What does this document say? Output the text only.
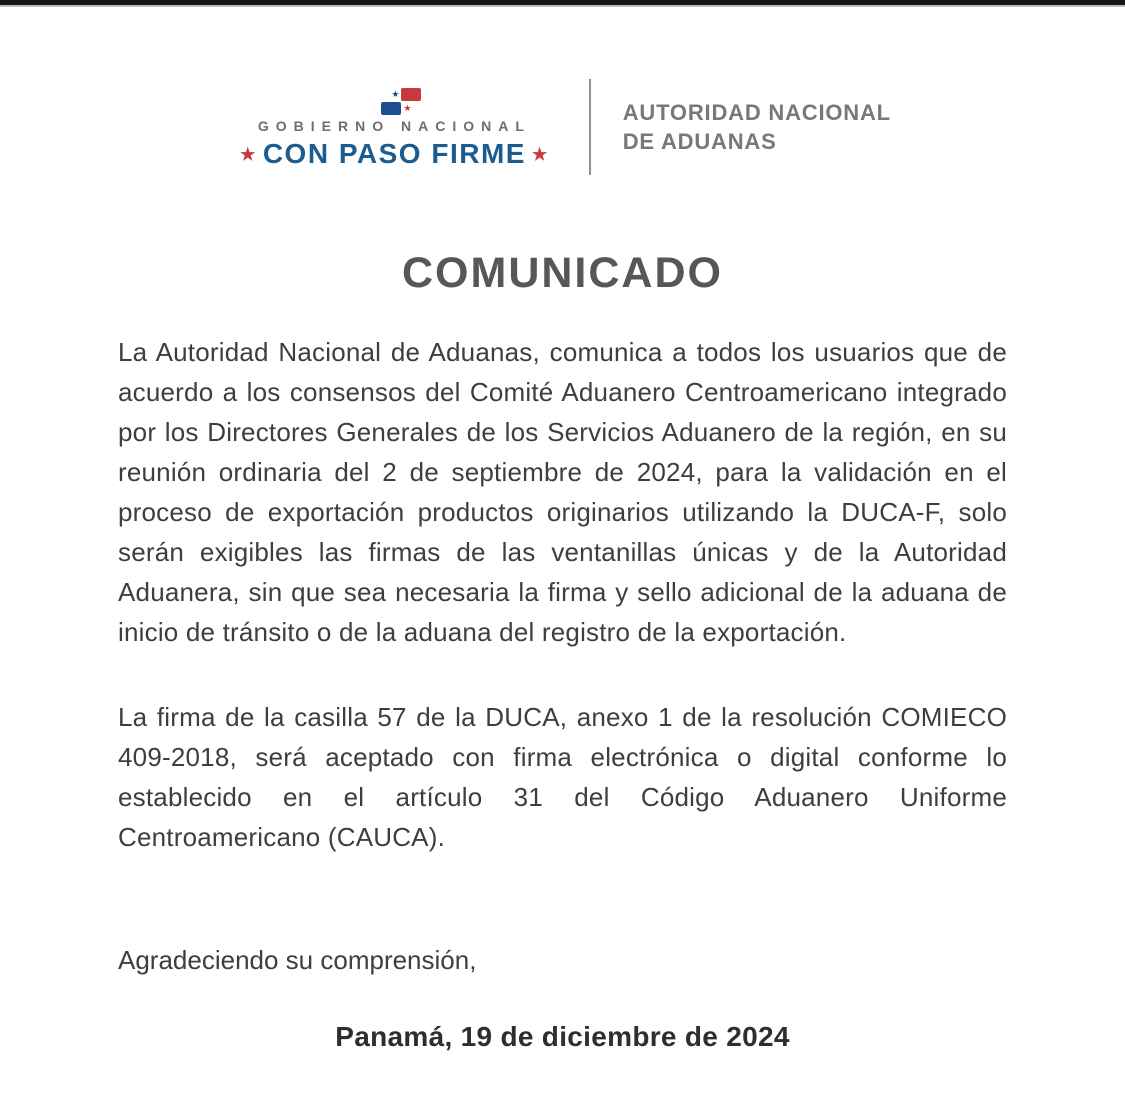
★
★
GOBIERNO NACIONAL
★ CON PASO FIRME ★
AUTORIDAD NACIONAL
DE ADUANAS
COMUNICADO

La Autoridad Nacional de Aduanas, comunica a todos los usuarios que de acuerdo a los consensos del Comité Aduanero Centroamericano integrado por los Directores Generales de los Servicios Aduanero de la región, en su reunión ordinaria del 2 de septiembre de 2024, para la validación en el proceso de exportación productos originarios utilizando la DUCA-F, solo serán exigibles las firmas de las ventanillas únicas y de la Autoridad Aduanera, sin que sea necesaria la firma y sello adicional de la aduana de inicio de tránsito o de la aduana del registro de la exportación.

La firma de la casilla 57 de la DUCA, anexo 1 de la resolución COMIECO 409-2018, será aceptado con firma electrónica o digital conforme lo establecido en el artículo 31 del Código Aduanero Uniforme Centroamericano (CAUCA).

Agradeciendo su comprensión,

Panamá, 19 de diciembre de 2024
